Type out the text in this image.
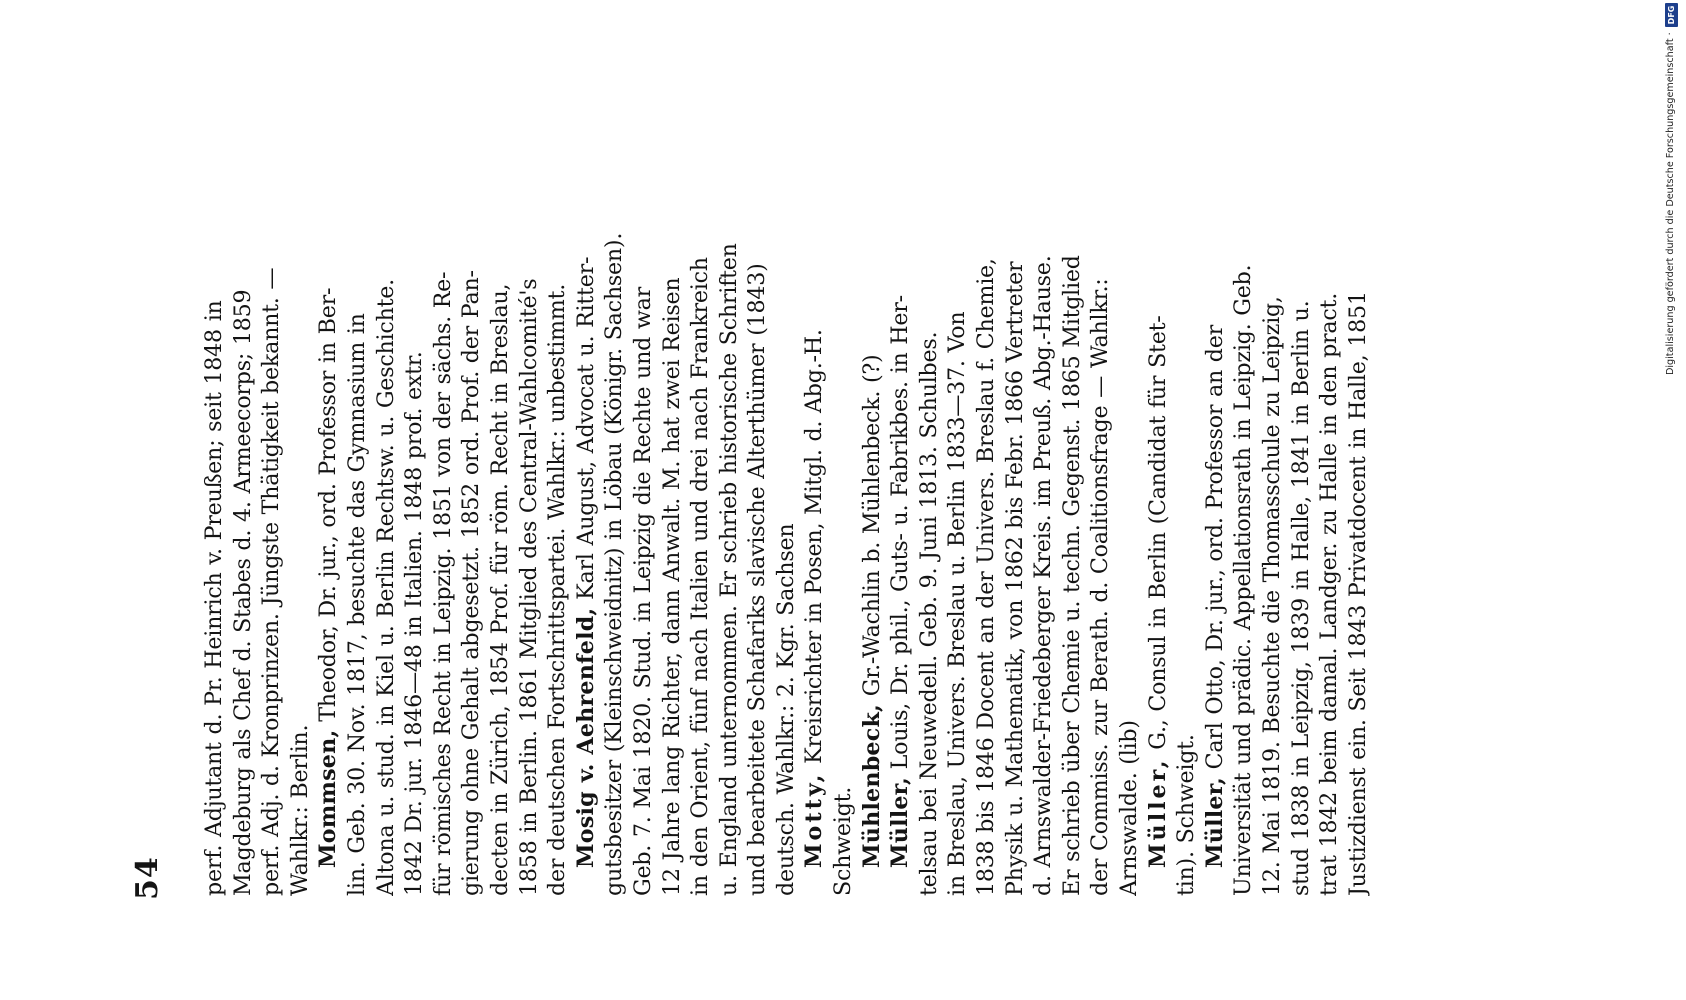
54 perf. Adjutant d. Pr. Heinrich v. Preußen; seit 1848 in Magdeburg als Chef d. Stabes d. 4. Armeecorps; 1859 perf. Adj. d. Kronprinzen. Jüngste Thätigkeit bekannt. — Wahlkr.: Berlin. Mommsen, Theodor, Dr. jur., ord. Professor in Ber- lin. Geb. 30. Nov. 1817, besuchte das Gymnasium in Altona u. stud. in Kiel u. Berlin Rechtsw. u. Geschichte. 1842 Dr. jur. 1846—48 in Italien. 1848 prof. extr. für römisches Recht in Leipzig. 1851 von der sächs. Re- gierung ohne Gehalt abgesetzt. 1852 ord. Prof. der Pan- decten in Zürich, 1854 Prof. für röm. Recht in Breslau, 1858 in Berlin. 1861 Mitglied des Central-Wahlcomité's der deutschen Fortschrittspartei. Wahlkr.: unbestimmt. Mosig v. Aehrenfeld, Karl August, Advocat u. Ritter- gutsbesitzer (Kleinschweidnitz) in Löbau (Königr. Sachsen). Geb. 7. Mai 1820. Stud. in Leipzig die Rechte und war 12 Jahre lang Richter, dann Anwalt. M. hat zwei Reisen in den Orient, fünf nach Italien und drei nach Frankreich u. England unternommen. Er schrieb historische Schriften und bearbeitete Schafariks slavische Alterthümer (1843) deutsch. Wahlkr.: 2. Kgr. Sachsen Motty, Kreisrichter in Posen, Mitgl. d. Abg.-H.
Schweigt. Mühlenbeck, Gr.-Wachlin b. Mühlenbeck. (?)
Müller, Louis, Dr. phil., Guts- u. Fabrikbes. in Her- telsau bei Neuwedell. Geb. 9. Juni 1813. Schulbes. in Breslau, Univers. Breslau u. Berlin 1833—37. Von 1838 bis 1846 Docent an der Univers. Breslau f. Chemie, Physik u. Mathematik, von 1862 bis Febr. 1866 Vertreter d. Arnswalder-Friedeberger Kreis. im Preuß. Abg.-Hause. Er schrieb über Chemie u. techn. Gegenst. 1865 Mitglied der Commiss. zur Berath. d. Coalitionsfrage — Wahlkr.: Arnswalde. (lib) Müller, G., Consul in Berlin (Candidat für Stet-
tin). Schweigt. Müller, Carl Otto, Dr. jur., ord. Professor an der Universität und prädic. Appellationsrath in Leipzig. Geb. 12. Mai 1819. Besuchte die Thomasschule zu Leipzig, stud 1838 in Leipzig, 1839 in Halle, 1841 in Berlin u. trat 1842 beim damal. Landger. zu Halle in den pract. Justizdienst ein. Seit 1843 Privatdocent in Halle, 1851
Digitalisierung gefördert durch die Deutsche Forschungsgemeinschaft ·
DFG
